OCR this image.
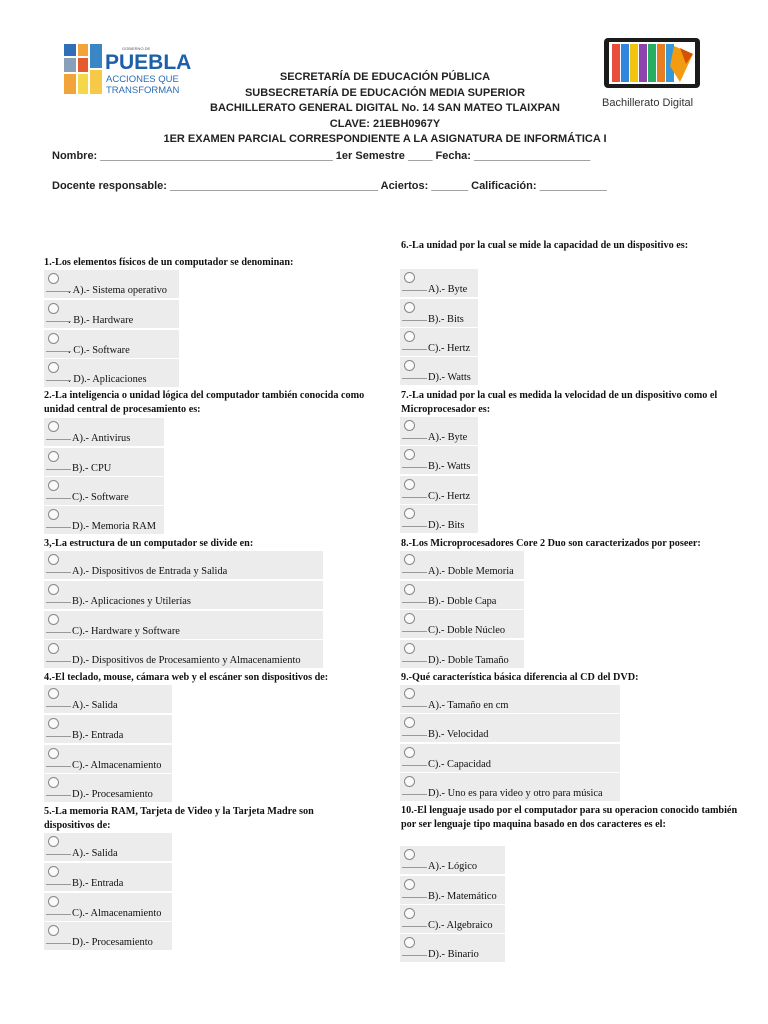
GOBIERNO DE
PUEBLA
ACCIONES QUE
TRANSFORMAN
Bachillerato Digital
SECRETARÍA DE EDUCACIÓN PÚBLICA
SUBSECRETARÍA DE EDUCACIÓN MEDIA SUPERIOR
BACHILLERATO GENERAL DIGITAL No. 14 SAN MATEO TLAIXPAN
CLAVE: 21EBH0967Y
1ER EXAMEN PARCIAL CORRESPONDIENTE A LA ASIGNATURA DE INFORMÁTICA I
Nombre: ______________________________________ 1er Semestre ____ Fecha: ___________________
Docente responsable: __________________________________ Aciertos: ______ Calificación: ___________
1.-Los elementos físicos de un computador se denominan:
. A).- Sistema operativo
. B).- Hardware
. C).- Software
. D).- Aplicaciones
2.-La inteligencia o unidad lógica del computador también conocida como unidad central de procesamiento es:
A).- Antivirus
B).- CPU
C).- Software
D).- Memoria RAM
3,-La estructura de un computador se divide en:
A).- Dispositivos de Entrada y Salida
B).- Aplicaciones y Utilerías
C).- Hardware y Software
D).- Dispositivos de Procesamiento y Almacenamiento
4.-El teclado, mouse, cámara web y el escáner son dispositivos de:
A).- Salida
B).- Entrada
C).- Almacenamiento
D).- Procesamiento
5.-La memoria RAM, Tarjeta de Video y la Tarjeta Madre son dispositivos de:
A).- Salida
B).- Entrada
C).- Almacenamiento
D).- Procesamiento
6.-La unidad por la cual se mide la capacidad de un dispositivo es:
A).- Byte
B).- Bits
C).- Hertz
D).- Watts
7.-La unidad por la cual es medida la velocidad de un dispositivo como el Microprocesador es:
A).- Byte
B).- Watts
C).- Hertz
D).- Bits
8.-Los Microprocesadores Core 2 Duo son caracterizados por poseer:
A).- Doble Memoria
B).- Doble Capa
C).- Doble Núcleo
D).- Doble Tamaño
9.-Qué característica básica diferencia al CD del DVD:
A).- Tamaño en cm
B).- Velocidad
C).- Capacidad
D).- Uno es para video y otro para música
10.-El lenguaje usado por el computador para su operacion conocido también por ser lenguaje tipo maquina basado en dos caracteres es el:
A).- Lógico
B).- Matemático
C).- Algebraico
D).- Binario
